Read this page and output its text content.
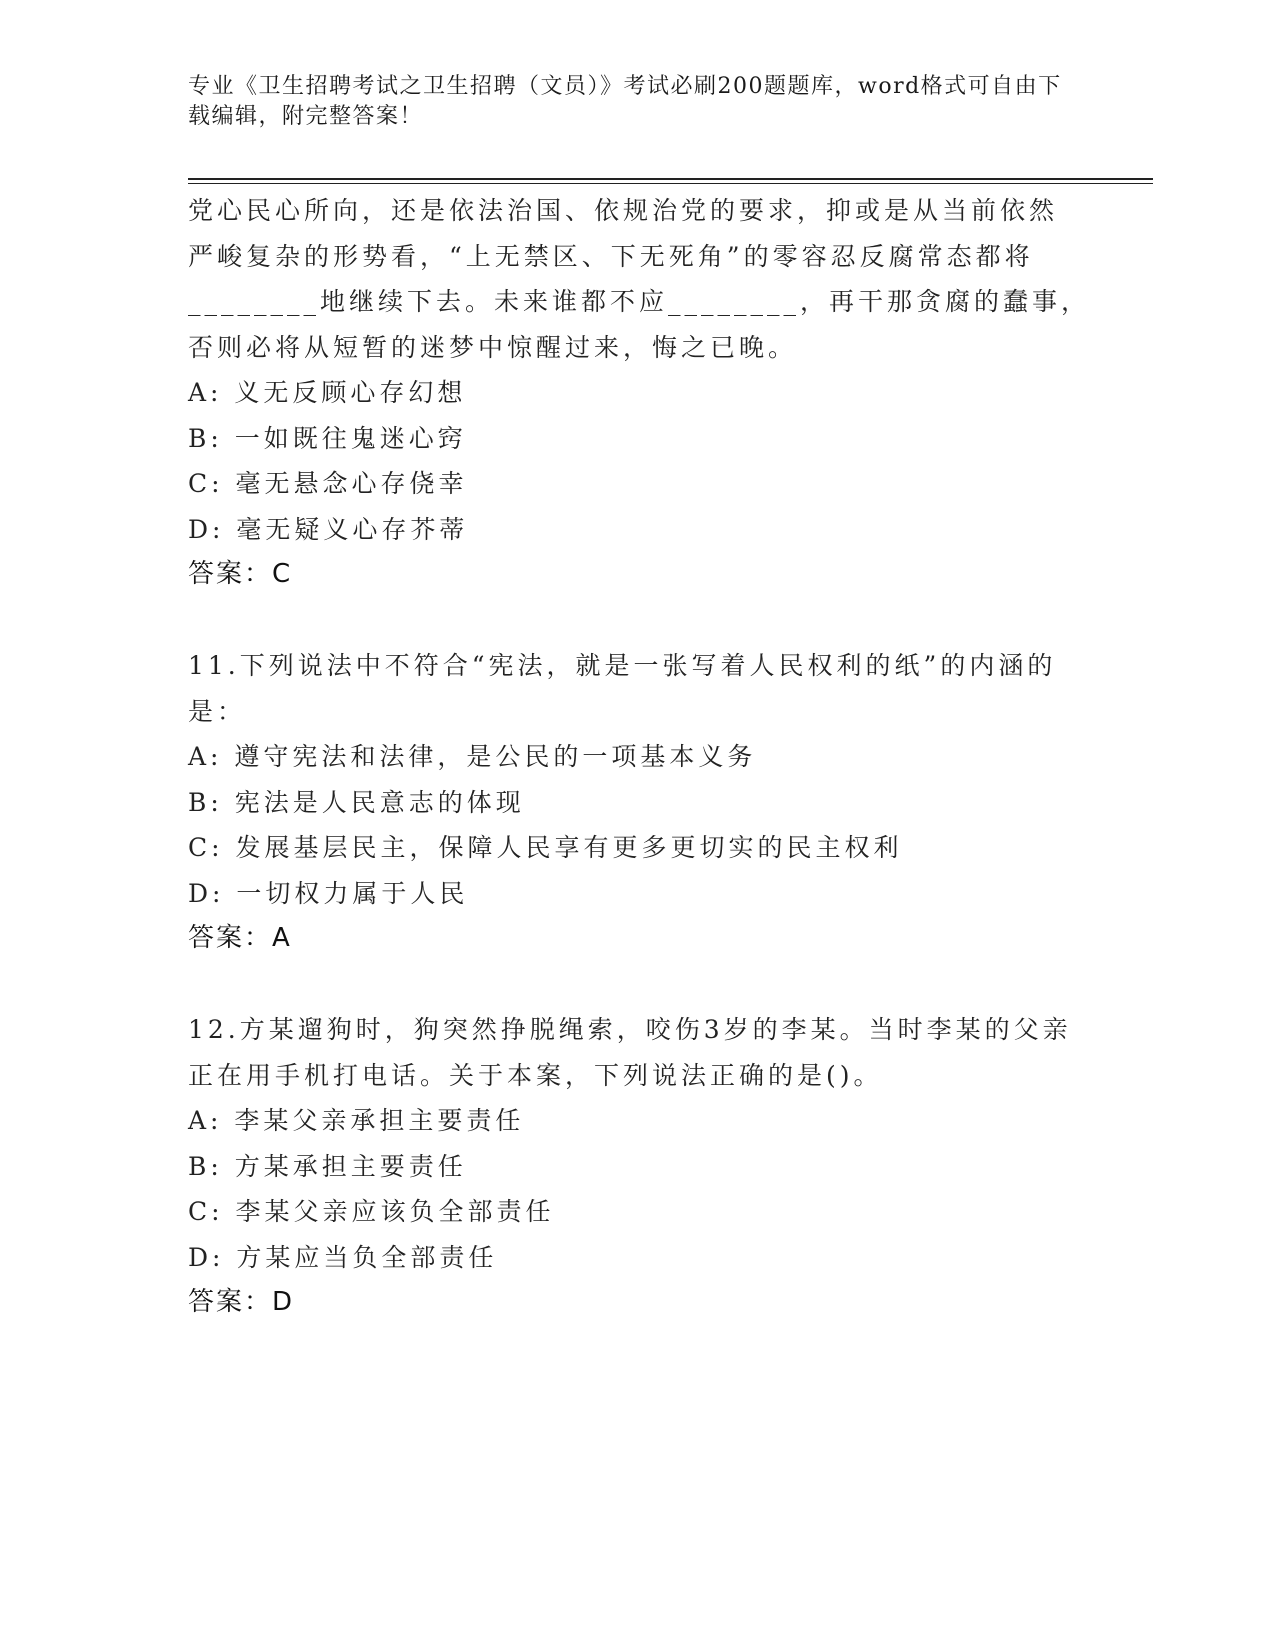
专业《卫生招聘考试之卫生招聘（文员）》考试必刷200题题库，word格式可自由下载编辑，附完整答案！
党心民心所向，还是依法治国、依规治党的要求，抑或是从当前依然
严峻复杂的形势看，“上无禁区、下无死角”的零容忍反腐常态都将
________地继续下去。未来谁都不应________，再干那贪腐的蠢事，
否则必将从短暂的迷梦中惊醒过来，悔之已晚。
A: 义无反顾心存幻想
B: 一如既往鬼迷心窍
C: 毫无悬念心存侥幸
D: 毫无疑义心存芥蒂
答案：C
11.下列说法中不符合“宪法，就是一张写着人民权利的纸”的内涵的
是：
A: 遵守宪法和法律，是公民的一项基本义务
B: 宪法是人民意志的体现
C: 发展基层民主，保障人民享有更多更切实的民主权利
D: 一切权力属于人民
答案：A
12.方某遛狗时，狗突然挣脱绳索，咬伤3岁的李某。当时李某的父亲
正在用手机打电话。关于本案，下列说法正确的是()。
A: 李某父亲承担主要责任
B: 方某承担主要责任
C: 李某父亲应该负全部责任
D: 方某应当负全部责任
答案：D
